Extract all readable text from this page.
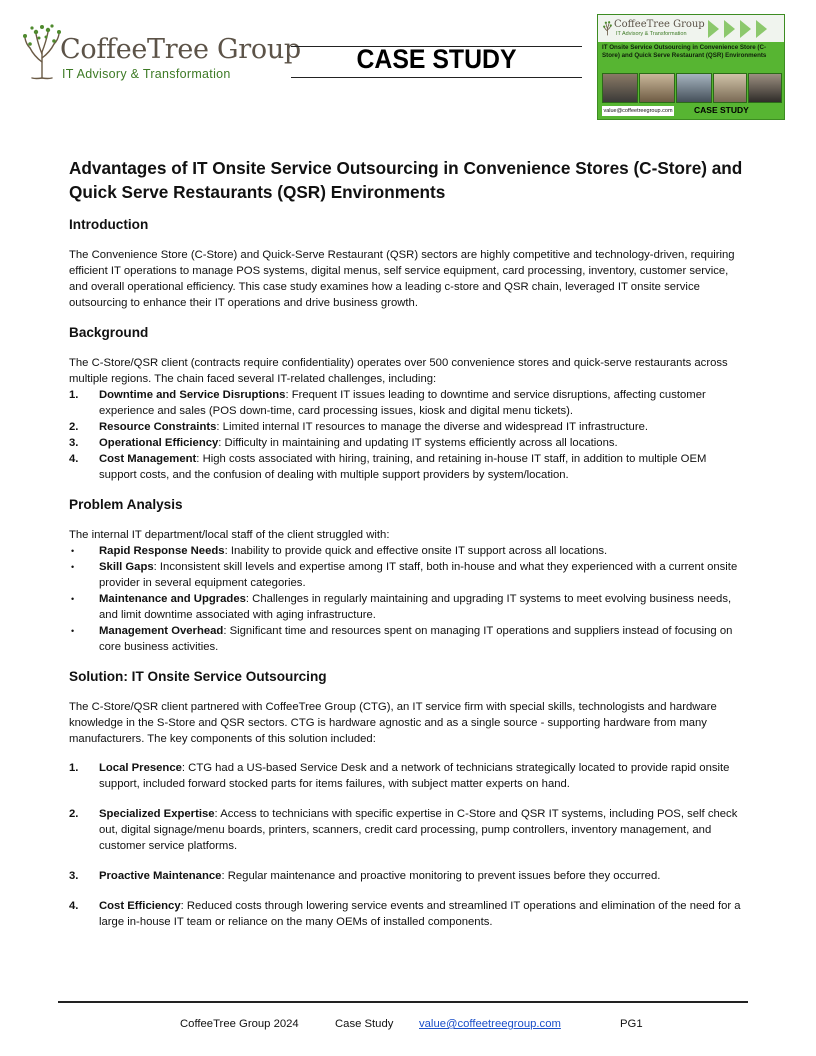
CoffeeTree Group
IT Advisory & Transformation	CASE STUDY
CoffeeTree Group
IT Advisory & Transformation
IT Onsite Service Outsourcing in Convenience Store (C-Store) and Quick Serve Restaurant (QSR) Environments
value@coffeetreegroup.com	CASE STUDY
Advantages of IT Onsite Service Outsourcing in Convenience Stores (C-Store) and Quick Serve Restaurants (QSR) Environments
Introduction

The Convenience Store (C-Store) and Quick-Serve Restaurant (QSR) sectors are highly competitive and technology-driven, requiring efficient IT operations to manage POS systems, digital menus, self service equipment, card processing, inventory, customer service, and overall operational efficiency. This case study examines how a leading c-store and QSR chain, leveraged IT onsite service outsourcing to enhance their IT operations and drive business growth.

Background

The C-Store/QSR client (contracts require confidentiality) operates over 500 convenience stores and quick-serve restaurants across multiple regions. The chain faced several IT-related challenges, including:

1. Downtime and Service Disruptions: Frequent IT issues leading to downtime and service disruptions, affecting customer experience and sales (POS down-time, card processing issues, kiosk and digital menu tickets).
2. Resource Constraints: Limited internal IT resources to manage the diverse and widespread IT infrastructure.
3. Operational Efficiency: Difficulty in maintaining and updating IT systems efficiently across all locations.
4. Cost Management: High costs associated with hiring, training, and retaining in-house IT staff, in addition to multiple OEM support costs, and the confusion of dealing with multiple support providers by system/location.
Problem Analysis

The internal IT department/local staff of the client struggled with:

• Rapid Response Needs: Inability to provide quick and effective onsite IT support across all locations.
• Skill Gaps: Inconsistent skill levels and expertise among IT staff, both in-house and what they experienced with a current onsite provider in several equipment categories.
• Maintenance and Upgrades: Challenges in regularly maintaining and upgrading IT systems to meet evolving business needs, and limit downtime associated with aging infrastructure.
• Management Overhead: Significant time and resources spent on managing IT operations and suppliers instead of focusing on core business activities.
Solution: IT Onsite Service Outsourcing

The C-Store/QSR client partnered with CoffeeTree Group (CTG), an IT service firm with special skills, technologists and hardware knowledge in the S-Store and QSR sectors. CTG is hardware agnostic and as a single source - supporting hardware from many manufacturers. The key components of this solution included:

1. Local Presence: CTG had a US-based Service Desk and a network of technicians strategically located to provide rapid onsite support, included forward stocked parts for items failures, with subject matter experts on hand.
2. Specialized Expertise: Access to technicians with specific expertise in C-Store and QSR IT systems, including POS, self check out, digital signage/menu boards, printers, scanners, credit card processing, pump controllers, inventory management, and customer service platforms.
3. Proactive Maintenance: Regular maintenance and proactive monitoring to prevent issues before they occurred.
4. Cost Efficiency: Reduced costs through lowering service events and streamlined IT operations and elimination of the need for a large in-house IT team or reliance on the many OEMs of installed components.
CoffeeTree Group 2024	Case Study value@coffeetreegroup.com	PG1
